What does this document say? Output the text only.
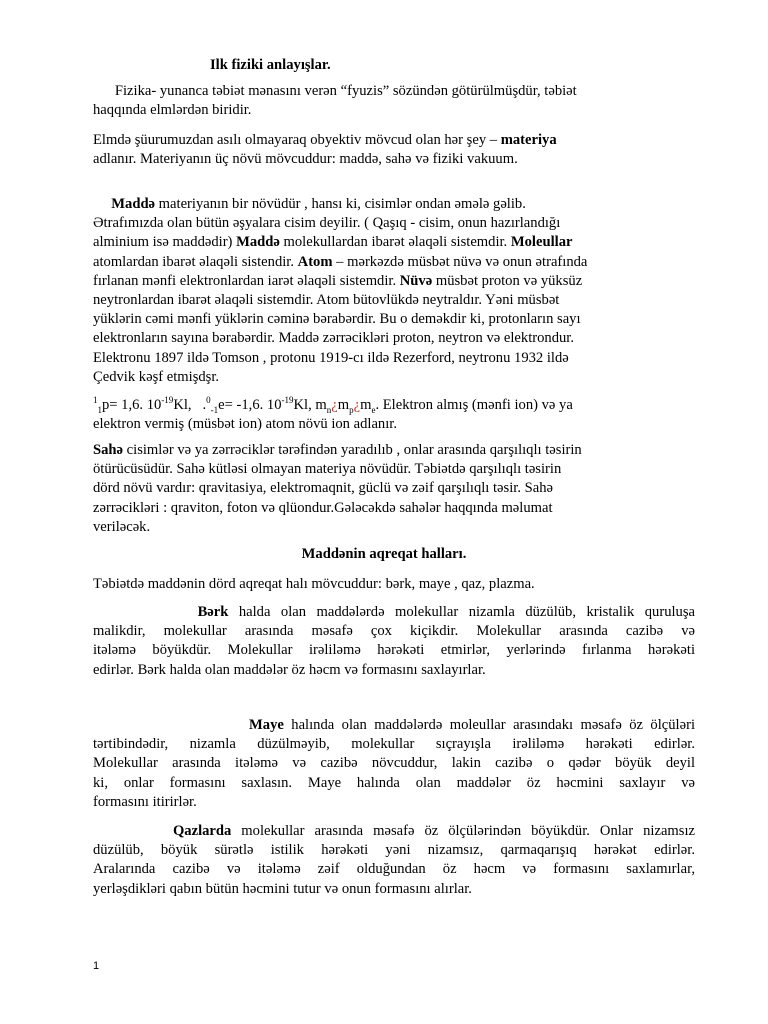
Ilk fiziki anlayışlar.

Fizika- yunanca təbiət mənasını verən “fyuzis” sözündən götürülmüşdür, təbiət
haqqında elmlərdən biridir.
Elmdə şüurumuzdan asılı olmayaraq obyektiv mövcud olan hər şey – materiya
adlanır. Materiyanın üç növü mövcuddur: maddə, sahə və fiziki vakuum.
Maddə materiyanın bir növüdür , hansı ki, cisimlər ondan əmələ gəlib.
Ətrafımızda olan bütün əşyalara cisim deyilir. ( Qaşıq - cisim, onun hazırlandığı
alminium isə maddədir) Maddə molekullardan ibarət əlaqəli sistemdir. Moleullar
atomlardan ibarət əlaqəli sistendir. Atom – mərkəzdə müsbət nüvə və onun ətrafında
fırlanan mənfi elektronlardan iarət əlaqəli sistemdir. Nüvə müsbət proton və yüksüz
neytronlardan ibarət əlaqəli sistemdir. Atom bütovlükdə neytraldır. Yəni müsbət
yüklərin cəmi mənfi yüklərin cəminə bərabərdir. Bu o deməkdir ki, protonların sayı
elektronların sayına bərabərdir. Maddə zərrəcikləri proton, neytron və elektrondur.
Elektronu 1897 ildə Tomson , protonu 1919-cı ildə Rezerford, neytronu 1932 ildə
Çedvik kəşf etmişdşr.
$^1_1$p= 1,6. $10^{-19}Kl$,   .$^0_{-1}$e= -1,6. $10^{-19}Kl$, $m_n¿m_p¿m_e$. Elektron almış (mənfi ion) və ya
elektron vermiş (müsbət ion) atom növü ion adlanır.
Sahə cisimlər və ya zərrəciklər tərəfindən yaradılıb , onlar arasında qarşılıqlı təsirin
ötürücüsüdür. Sahə kütləsi olmayan materiya növüdür. Təbiətdə qarşılıqlı təsirin
dörd növü vardır: qravitasiya, elektromaqnit, güclü və zəif qarşılıqlı təsir. Sahə
zərrəcikləri : qraviton, foton və qlüondur.Gələcəkdə sahələr haqqında məlumat
veriləcək.

Maddənin aqreqat halları.

Təbiətdə maddənin dörd aqreqat halı mövcuddur: bərk, maye , qaz, plazma.
Bərk halda olan maddələrdə molekullar nizamla düzülüb, kristalik quruluşa
malikdir, molekullar arasında məsafə çox kiçikdir. Molekullar arasında cazibə və
itələmə böyükdür. Molekullar irəliləmə hərəkəti etmirlər, yerlərində fırlanma hərəkəti
edirlər. Bərk halda olan maddələr öz həcm və formasını saxlayırlar.
Maye halında olan maddələrdə moleullar arasındakı məsafə öz ölçüləri
tərtibindədir, nizamla düzülməyib, molekullar sıçrayışla irəliləmə hərəkəti edirlər.
Molekullar arasında itələmə və cazibə növcuddur, lakin cazibə o qədər böyük deyil
ki, onlar formasını saxlasın. Maye halında olan maddələr öz həcmini saxlayır və
formasını itirirlər.
Qazlarda molekullar arasında məsafə öz ölçülərindən böyükdür. Onlar nizamsız
düzülüb, böyük sürətlə istilik hərəkəti yəni nizamsız, qarmaqarışıq hərəkət edirlər.
Aralarında cazibə və itələmə zəif olduğundan öz həcm və formasını saxlamırlar,
yerləşdikləri qabın bütün həcmini tutur və onun formasını alırlar.
1
